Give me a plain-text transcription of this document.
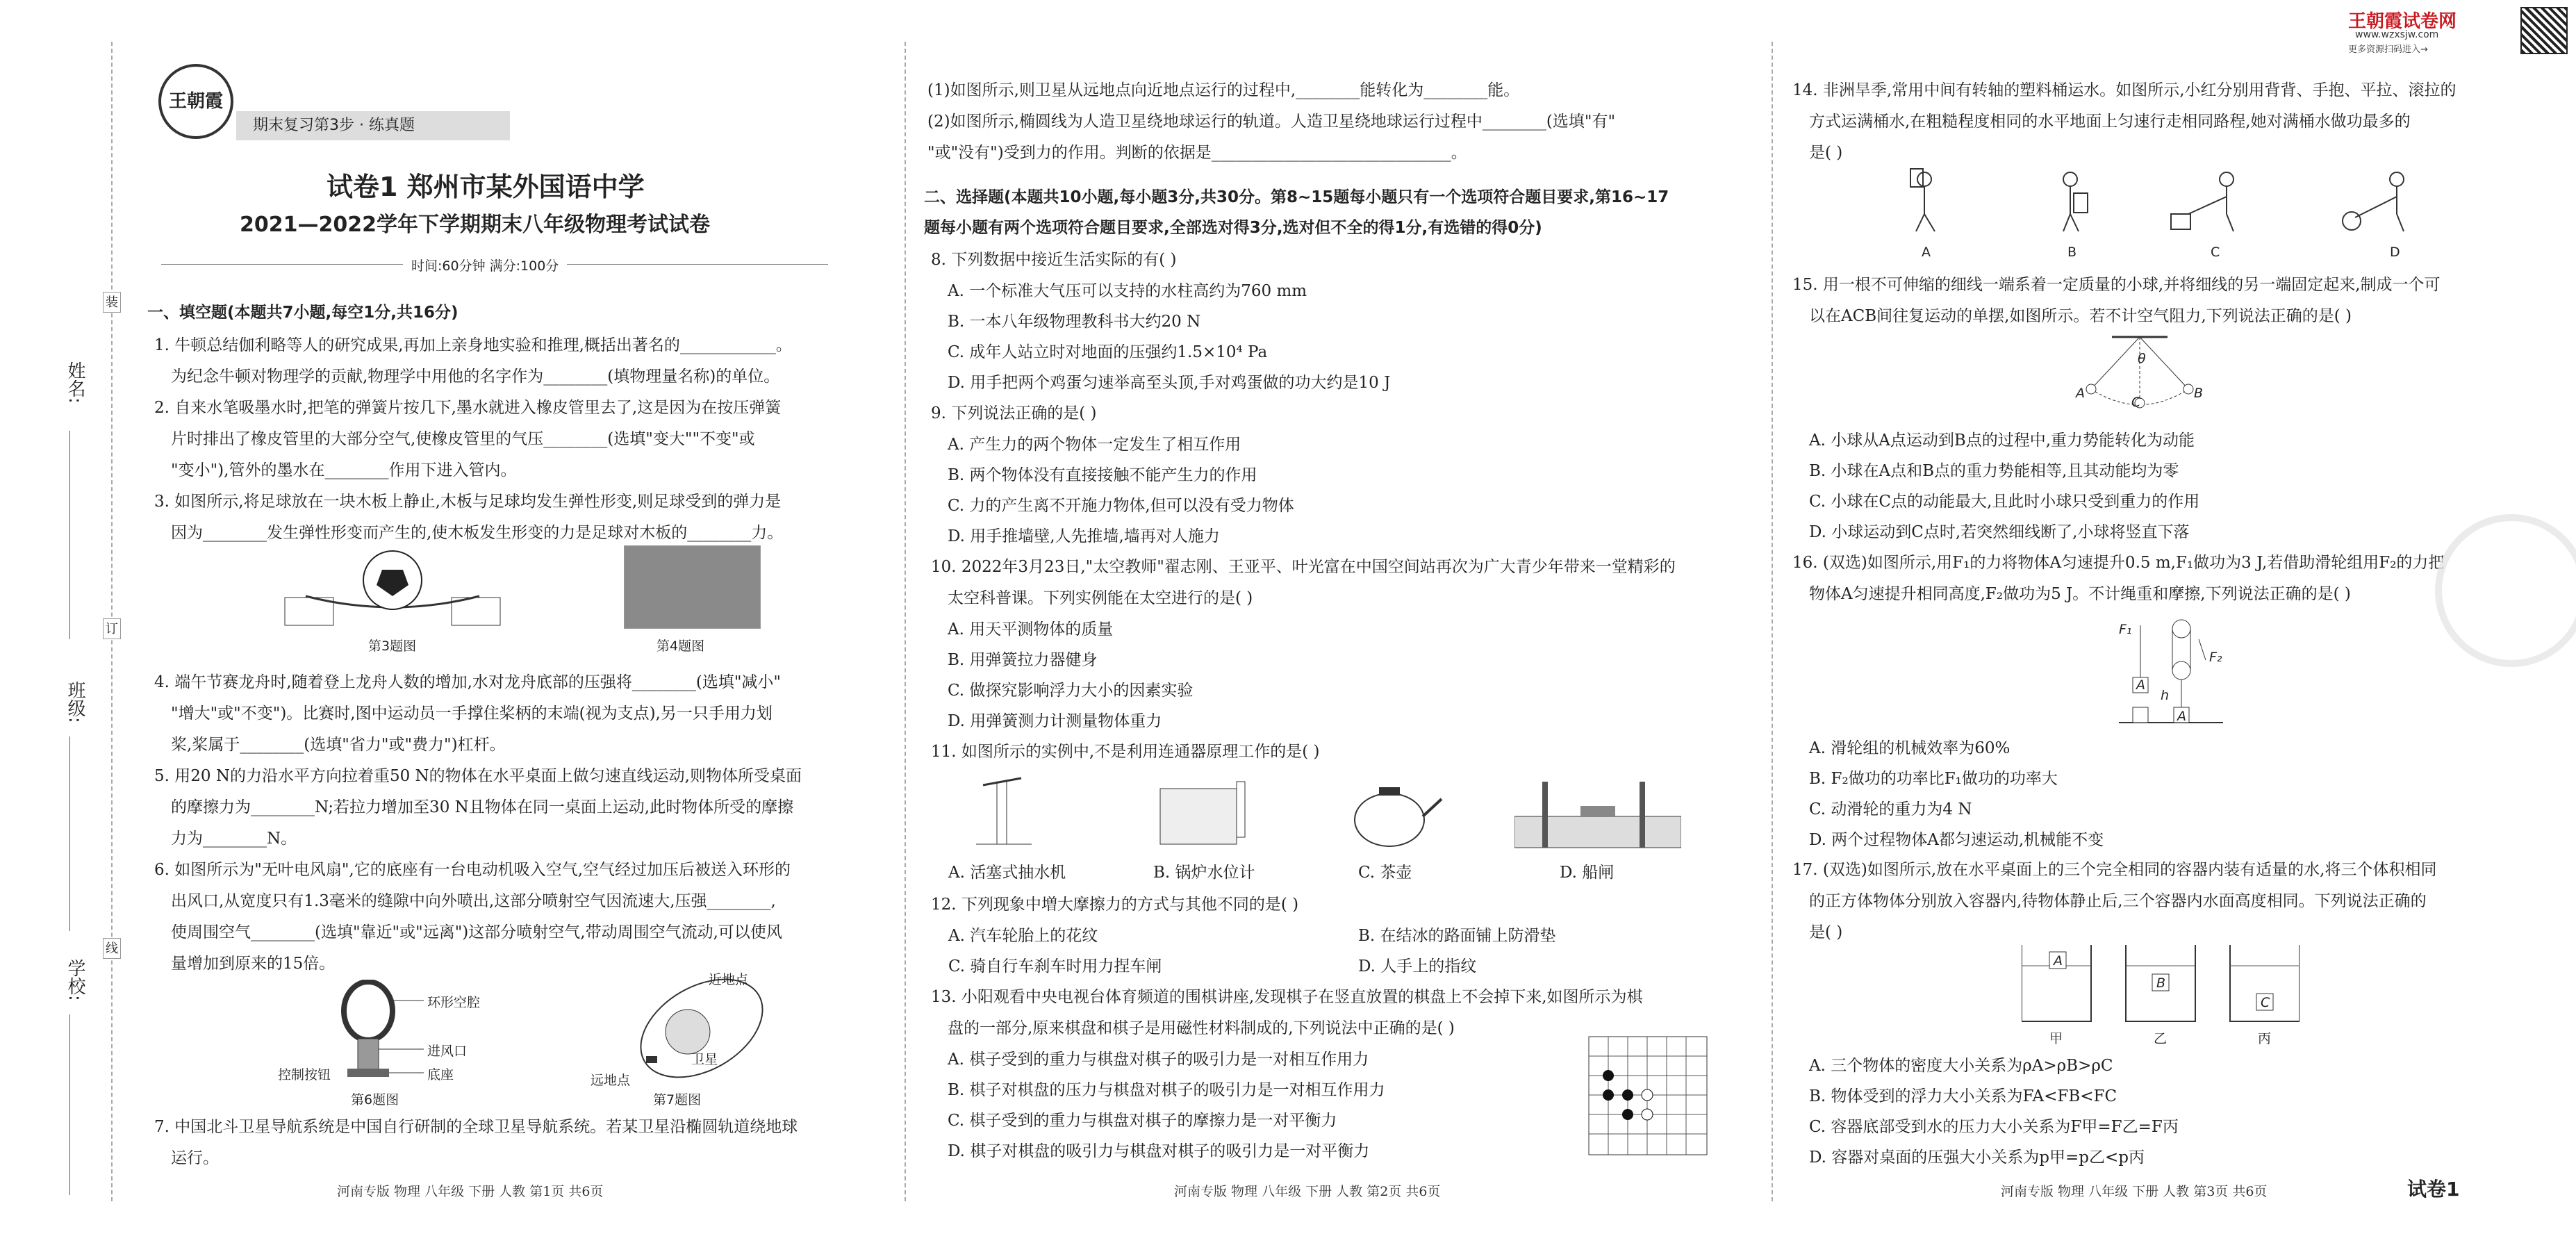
姓名:
班级:
学校:
装
订
线
王朝霞
期末复习第3步 · 练真题
试卷1 郑州市某外国语中学
2021—2022学年下学期期末八年级物理考试试卷
时间:60分钟 满分:100分
一、填空题(本题共7小题,每空1分,共16分)
1. 牛顿总结伽利略等人的研究成果,再加上亲身地实验和推理,概括出著名的____________。
为纪念牛顿对物理学的贡献,物理学中用他的名字作为________(填物理量名称)的单位。
2. 自来水笔吸墨水时,把笔的弹簧片按几下,墨水就进入橡皮管里去了,这是因为在按压弹簧
片时排出了橡皮管里的大部分空气,使橡皮管里的气压________(选填"变大""不变"或
"变小"),管外的墨水在________作用下进入管内。
3. 如图所示,将足球放在一块木板上静止,木板与足球均发生弹性形变,则足球受到的弹力是
因为________发生弹性形变而产生的,使木板发生形变的力是足球对木板的________力。
第3题图	第4题图
4. 端午节赛龙舟时,随着登上龙舟人数的增加,水对龙舟底部的压强将________(选填"减小"
"增大"或"不变")。比赛时,图中运动员一手撑住桨柄的末端(视为支点),另一只手用力划
桨,桨属于________(选填"省力"或"费力")杠杆。
5. 用20 N的力沿水平方向拉着重50 N的物体在水平桌面上做匀速直线运动,则物体所受桌面
的摩擦力为________N;若拉力增加至30 N且物体在同一桌面上运动,此时物体所受的摩擦
力为________N。
6. 如图所示为"无叶电风扇",它的底座有一台电动机吸入空气,空气经过加压后被送入环形的
出风口,从宽度只有1.3毫米的缝隙中向外喷出,这部分喷射空气因流速大,压强________,
使周围空气________(选填"靠近"或"远离")这部分喷射空气,带动周围空气流动,可以使风
量增加到原来的15倍。
环形空腔
进风口
控制按钮	底座
第6题图
近地点
卫星
远地点
第7题图
7. 中国北斗卫星导航系统是中国自行研制的全球卫星导航系统。若某卫星沿椭圆轨道绕地球
运行。
河南专版 物理 八年级 下册 人教 第1页 共6页
(1)如图所示,则卫星从远地点向近地点运行的过程中,________能转化为________能。
(2)如图所示,椭圆线为人造卫星绕地球运行的轨道。人造卫星绕地球运行过程中________(选填"有"
"或"没有")受到力的作用。判断的依据是______________________________。
二、选择题(本题共10小题,每小题3分,共30分。第8~15题每小题只有一个选项符合题目要求,第16~17
题每小题有两个选项符合题目要求,全部选对得3分,选对但不全的得1分,有选错的得0分)
8. 下列数据中接近生活实际的有( )
A. 一个标准大气压可以支持的水柱高约为760 mm
B. 一本八年级物理教科书大约20 N
C. 成年人站立时对地面的压强约1.5×10⁴ Pa
D. 用手把两个鸡蛋匀速举高至头顶,手对鸡蛋做的功大约是10 J
9. 下列说法正确的是( )
A. 产生力的两个物体一定发生了相互作用
B. 两个物体没有直接接触不能产生力的作用
C. 力的产生离不开施力物体,但可以没有受力物体
D. 用手推墙壁,人先推墙,墙再对人施力
10. 2022年3月23日,"太空教师"翟志刚、王亚平、叶光富在中国空间站再次为广大青少年带来一堂精彩的
太空科普课。下列实例能在太空进行的是( )
A. 用天平测物体的质量
B. 用弹簧拉力器健身
C. 做探究影响浮力大小的因素实验
D. 用弹簧测力计测量物体重力
11. 如图所示的实例中,不是利用连通器原理工作的是( )
A. 活塞式抽水机	B. 锅炉水位计	C. 茶壶	D. 船闸
12. 下列现象中増大摩擦力的方式与其他不同的是( )
A. 汽车轮胎上的花纹	B. 在结冰的路面铺上防滑垫
C. 骑自行车刹车时用力捏车闸	D. 人手上的指纹
13. 小阳观看中央电视台体育频道的围棋讲座,发现棋子在竖直放置的棋盘上不会掉下来,如图所示为棋
盘的一部分,原来棋盘和棋子是用磁性材料制成的,下列说法中正确的是( )
A. 棋子受到的重力与棋盘对棋子的吸引力是一对相互作用力
B. 棋子对棋盘的压力与棋盘对棋子的吸引力是一对相互作用力
C. 棋子受到的重力与棋盘对棋子的摩擦力是一对平衡力
D. 棋子对棋盘的吸引力与棋盘对棋子的吸引力是一对平衡力
河南专版 物理 八年级 下册 人教 第2页 共6页
王朝霞试卷网
www.wzxsjw.com
更多资源扫码进入→
14. 非洲旱季,常用中间有转轴的塑料桶运水。如图所示,小红分别用背背、手抱、平拉、滚拉的
方式运满桶水,在粗糙程度相同的水平地面上匀速行走相同路程,她对满桶水做功最多的
是( )
A	B	C	D
15. 用一根不可伸缩的细线一端系着一定质量的小球,并将细线的另一端固定起来,制成一个可
以在ACB间往复运动的单摆,如图所示。若不计空气阻力,下列说法正确的是( )
θ
A
C
B
A. 小球从A点运动到B点的过程中,重力势能转化为动能
B. 小球在A点和B点的重力势能相等,且其动能均为零
C. 小球在C点的动能最大,且此时小球只受到重力的作用
D. 小球运动到C点时,若突然细线断了,小球将竖直下落
16. (双选)如图所示,用F₁的力将物体A匀速提升0.5 m,F₁做功为3 J,若借助滑轮组用F₂的力把
物体A匀速提升相同高度,F₂做功为5 J。不计绳重和摩擦,下列说法正确的是( )
F₁
A
F₂
h
A
A. 滑轮组的机械效率为60%
B. F₂做功的功率比F₁做功的功率大
C. 动滑轮的重力为4 N
D. 两个过程物体A都匀速运动,机械能不变
17. (双选)如图所示,放在水平桌面上的三个完全相同的容器内装有适量的水,将三个体积相同
的正方体物体分别放入容器内,待物体静止后,三个容器内水面高度相同。下列说法正确的
是( )
A
B
C
甲	乙	丙
A. 三个物体的密度大小关系为ρA>ρB>ρC
B. 物体受到的浮力大小关系为FA<FB<FC
C. 容器底部受到水的压力大小关系为F甲=F乙=F丙
D. 容器对桌面的压强大小关系为p甲=p乙<p丙
河南专版 物理 八年级 下册 人教 第3页 共6页	试卷1
